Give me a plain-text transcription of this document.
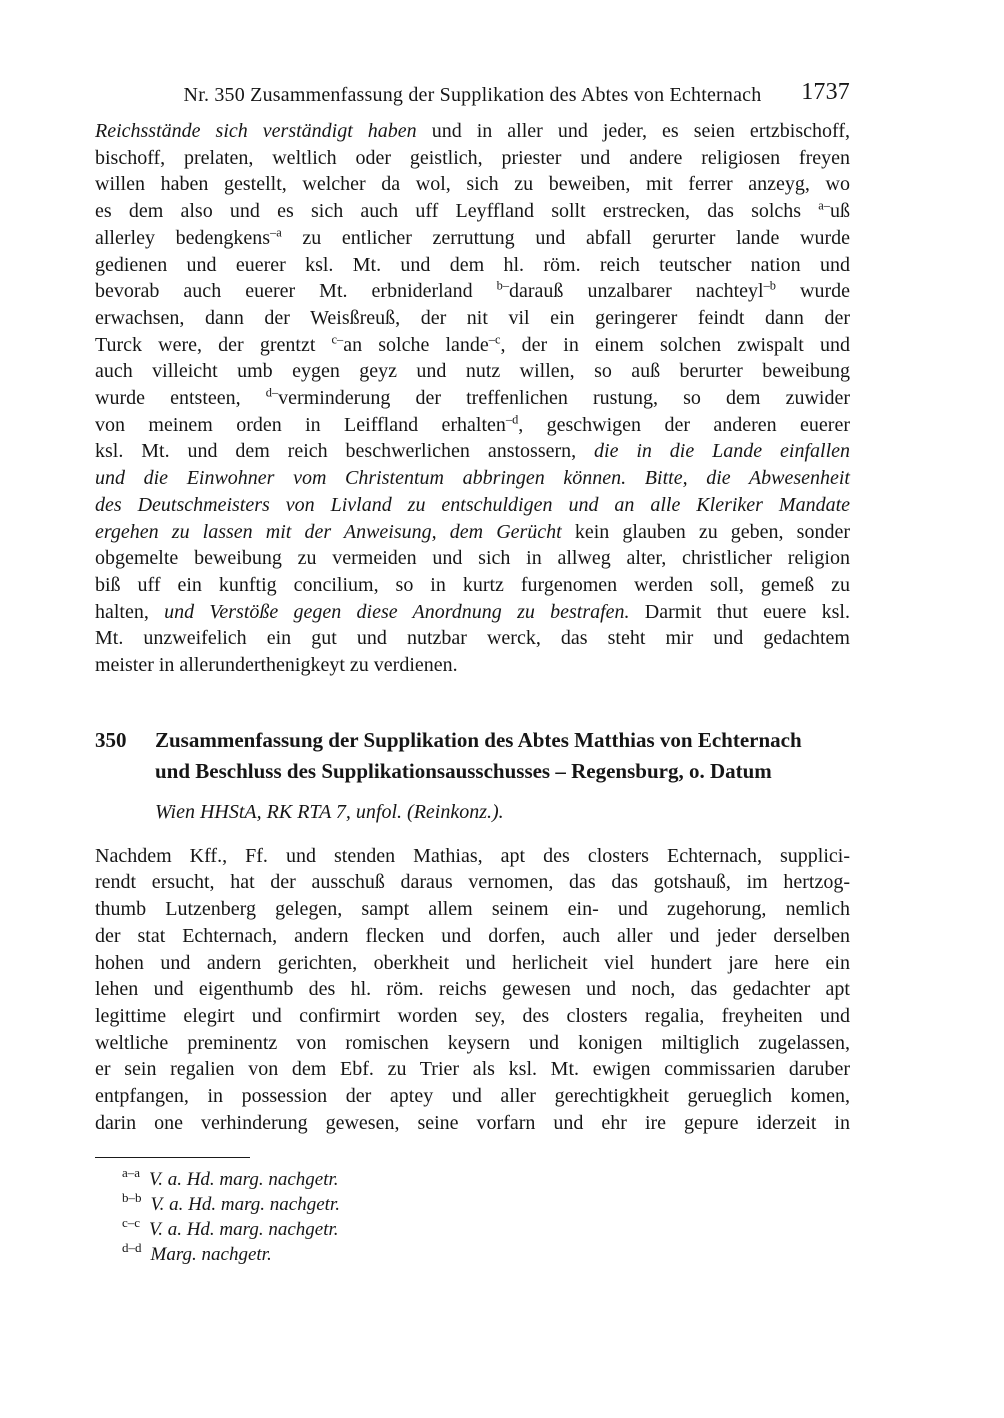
Nr. 350 Zusammenfassung der Supplikation des Abtes von Echternach 1737
Reichsstände sich verständigt haben und in aller und jeder, es seien ertzbischoff,
bischoff, prelaten, weltlich oder geistlich, priester und andere religiosen freyen
willen haben gestellt, welcher da wol, sich zu beweiben, mit ferrer anzeyg, wo
es dem also und es sich auch uff Leyffland sollt erstrecken, das solchs $^{a-}$uß
allerley bedengkens$^{-a}$ zu entlicher zerruttung und abfall gerurter lande wurde
gedienen und euerer ksl. Mt. und dem hl. röm. reich teutscher nation und
bevorab auch euerer Mt. erbniderland $^{b-}$darauß unzalbarer nachteyl$^{-b}$ wurde
erwachsen, dann der Weisßreuß, der nit vil ein geringerer feindt dann der
Turck were, der grentzt $^{c-}$an solche lande$^{-c}$, der in einem solchen zwispalt und
auch villeicht umb eygen geyz und nutz willen, so auß berurter beweibung
wurde entsteen, $^{d-}$verminderung der treffenlichen rustung, so dem zuwider
von meinem orden in Leiffland erhalten$^{-d}$, geschwigen der anderen euerer
ksl. Mt. und dem reich beschwerlichen anstossern, die in die Lande einfallen
und die Einwohner vom Christentum abbringen können. Bitte, die Abwesenheit
des Deutschmeisters von Livland zu entschuldigen und an alle Kleriker Mandate
ergehen zu lassen mit der Anweisung, dem Gerücht kein glauben zu geben, sonder
obgemelte beweibung zu vermeiden und sich in allweg alter, christlicher religion
biß uff ein kunftig concilium, so in kurtz furgenomen werden soll, gemeß zu
halten, und Verstöße gegen diese Anordnung zu bestrafen. Darmit thut euere ksl.
Mt. unzweifelich ein gut und nutzbar werck, das steht mir und gedachtem
meister in allerunderthenigkeyt zu verdienen.
350	Zusammenfassung der Supplikation des Abtes Matthias von Echternach
und Beschluss des Supplikationsausschusses – Regensburg, o. Datum
Wien HHStA, RK RTA 7, unfol. (Reinkonz.).
Nachdem Kff., Ff. und stenden Mathias, apt des closters Echternach, supplici-
rendt ersucht, hat der ausschuß daraus vernomen, das das gotshauß, im hertzog-
thumb Lutzenberg gelegen, sampt allem seinem ein- und zugehorung, nemlich
der stat Echternach, andern flecken und dorfen, auch aller und jeder derselben
hohen und andern gerichten, oberkheit und herlicheit viel hundert jare here ein
lehen und eigenthumb des hl. röm. reichs gewesen und noch, das gedachter apt
legittime elegirt und confirmirt worden sey, des closters regalia, freyheiten und
weltliche preminentz von romischen keysern und konigen miltiglich zugelassen,
er sein regalien von dem Ebf. zu Trier als ksl. Mt. ewigen commissarien daruber
entpfangen, in possession der aptey und aller gerechtigkheit gerueglich komen,
darin one verhinderung gewesen, seine vorfarn und ehr ire gepure iderzeit in
$^{a-a}$ V. a. Hd. marg. nachgetr.
$^{b-b}$ V. a. Hd. marg. nachgetr.
$^{c-c}$ V. a. Hd. marg. nachgetr.
$^{d-d}$ Marg. nachgetr.
